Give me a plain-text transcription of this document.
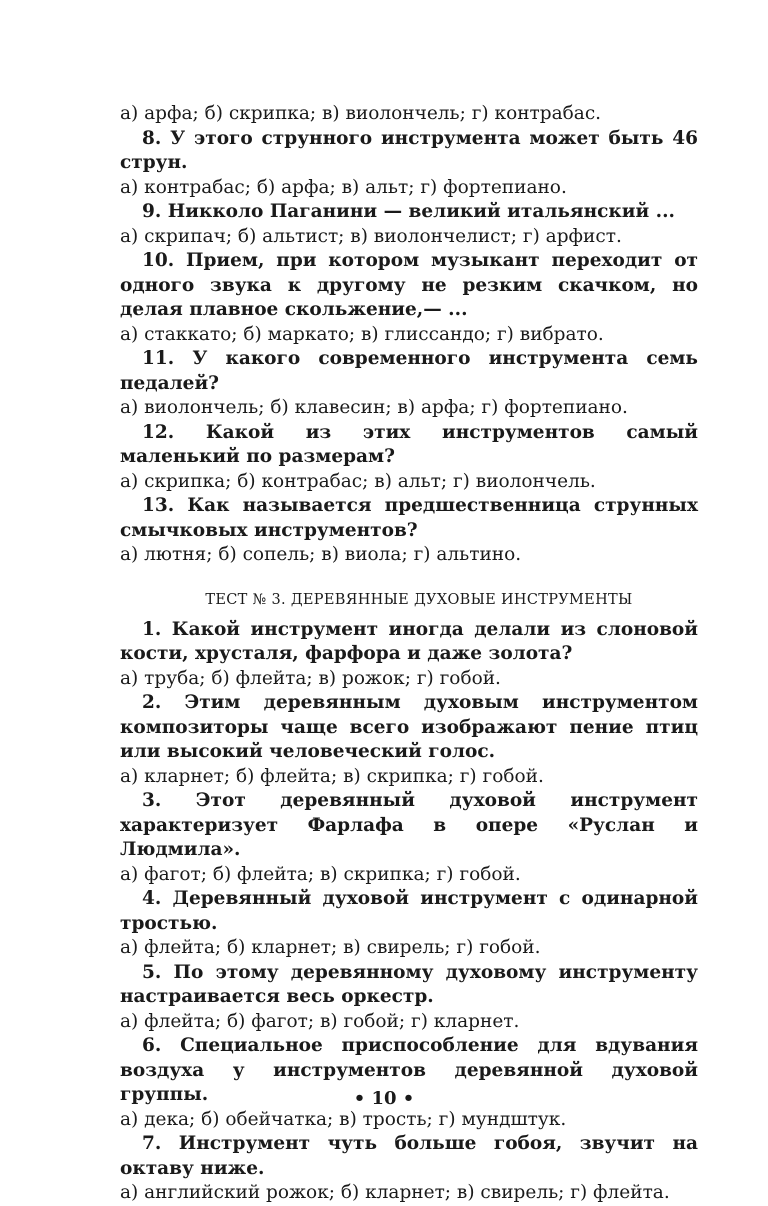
а) арфа; б) скрипка; в) виолончель; г) контрабас.
8. У этого струнного инструмента может быть 46 струн.
а) контрабас; б) арфа; в) альт; г) фортепиано.
9. Никколо Паганини — великий итальянский ...
а) скрипач; б) альтист; в) виолончелист; г) арфист.
10. Прием, при котором музыкант переходит от одного звука к другому не резким скачком, но делая плавное скольжение,— ...
а) стаккато; б) маркато; в) глиссандо; г) вибрато.
11. У какого современного инструмента семь педалей?
а) виолончель; б) клавесин; в) арфа; г) фортепиано.
12. Какой из этих инструментов самый маленький по размерам?
а) скрипка; б) контрабас; в) альт; г) виолончель.
13. Как называется предшественница струнных смычковых инструментов?
а) лютня; б) сопель; в) виола; г) альтино.
ТЕСТ № 3. ДЕРЕВЯННЫЕ ДУХОВЫЕ ИНСТРУМЕНТЫ
1. Какой инструмент иногда делали из слоновой кости, хрусталя, фарфора и даже золота?
а) труба; б) флейта; в) рожок; г) гобой.
2. Этим деревянным духовым инструментом композиторы чаще всего изображают пение птиц или высокий человеческий голос.
а) кларнет; б) флейта; в) скрипка; г) гобой.
3. Этот деревянный духовой инструмент характеризует Фарлафа в опере «Руслан и Людмила».
а) фагот; б) флейта; в) скрипка; г) гобой.
4. Деревянный духовой инструмент с одинарной тростью.
а) флейта; б) кларнет; в) свирель; г) гобой.
5. По этому деревянному духовому инструменту настраивается весь оркестр.
а) флейта; б) фагот; в) гобой; г) кларнет.
6. Специальное приспособление для вдувания воздуха у инструментов деревянной духовой группы.
а) дека; б) обейчатка; в) трость; г) мундштук.
7. Инструмент чуть больше гобоя, звучит на октаву ниже.
а) английский рожок; б) кларнет; в) свирель; г) флейта.
• 10 •
